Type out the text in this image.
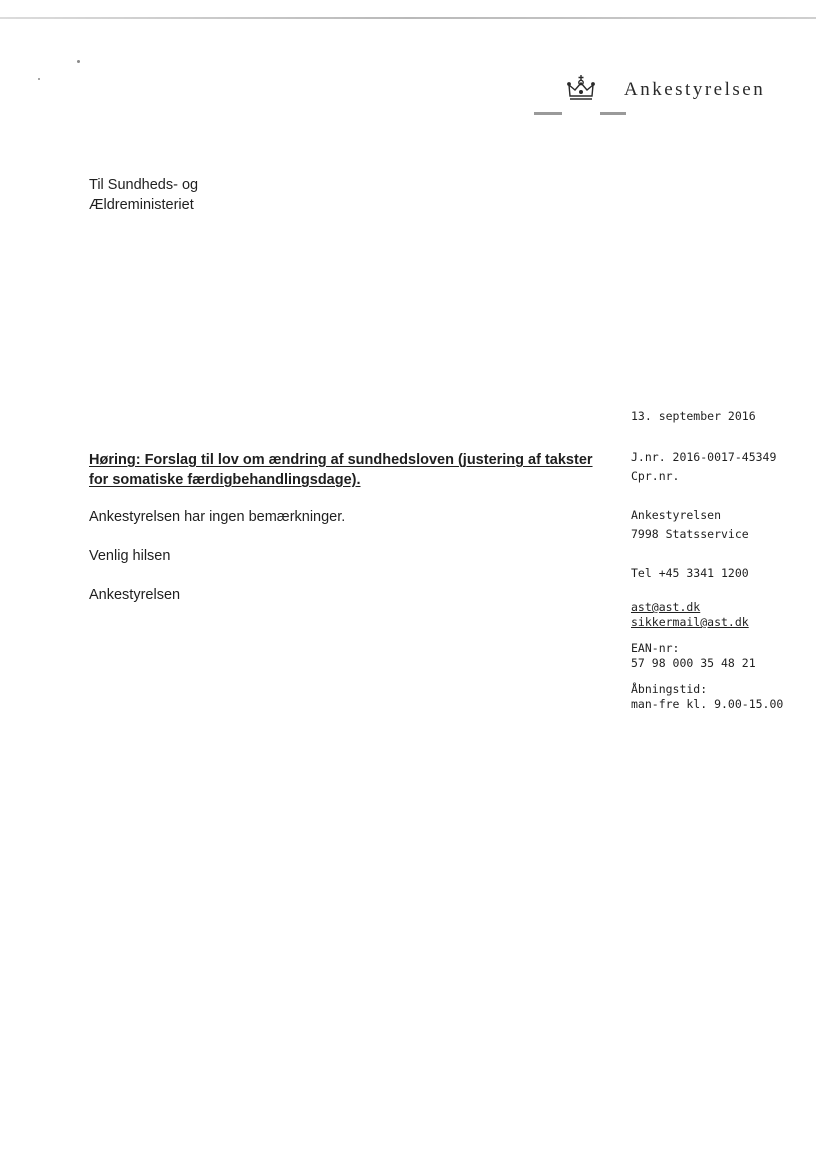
Ankestyrelsen
Til Sundheds- og
Ældreministeriet
13. september 2016
Høring: Forslag til lov om ændring af sundhedsloven (justering af takster for somatiske færdigbehandlingsdage).
Ankestyrelsen har ingen bemærkninger.
Venlig hilsen
Ankestyrelsen
J.nr. 2016-0017-45349
Cpr.nr.
Ankestyrelsen
7998 Statsservice
Tel +45 3341 1200
ast@ast.dk
sikkermail@ast.dk
EAN-nr:
57 98 000 35 48 21
Åbningstid:
man-fre kl. 9.00-15.00
